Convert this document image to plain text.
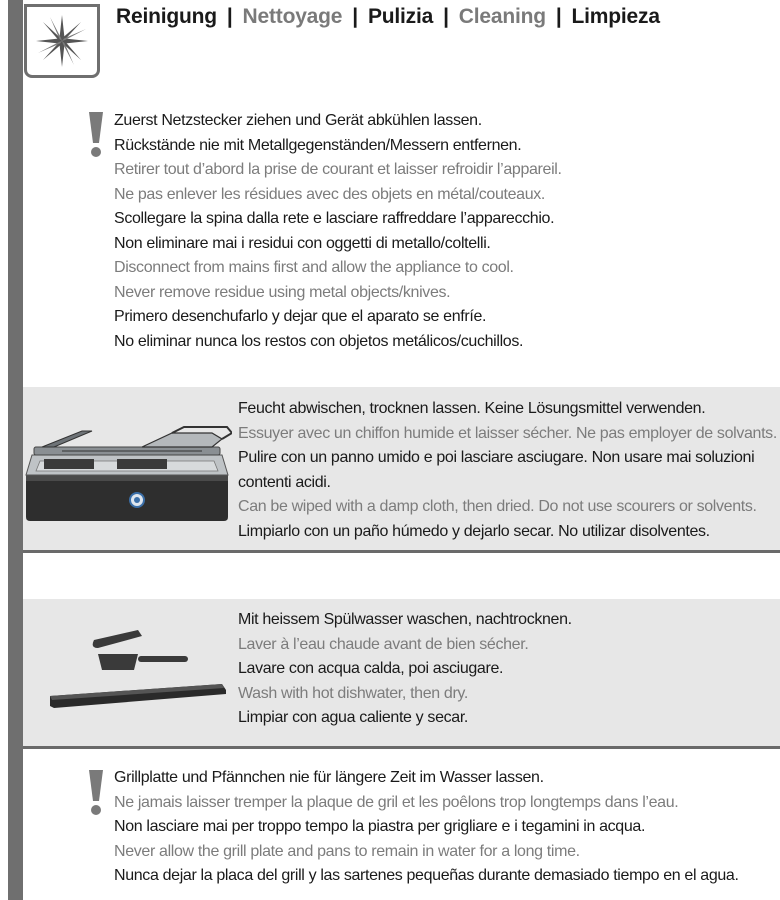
Reinigung | Nettoyage | Pulizia | Cleaning | Limpieza
Zuerst Netzstecker ziehen und Gerät abkühlen lassen.
Rückstände nie mit Metallgegenständen/Messern entfernen.
Retirer tout d’abord la prise de courant et laisser refroidir l’appareil.
Ne pas enlever les résidues avec des objets en métal/couteaux.
Scollegare la spina dalla rete e lasciare raffreddare l’apparecchio.
Non eliminare mai i residui con oggetti di metallo/coltelli.
Disconnect from mains first and allow the appliance to cool.
Never remove residue using metal objects/knives.
Primero desenchufarlo y dejar que el aparato se enfríe.
No eliminar nunca los restos con objetos metálicos/cuchillos.
Feucht abwischen, trocknen lassen. Keine Lösungsmittel verwenden.
Essuyer avec un chiffon humide et laisser sécher. Ne pas employer de solvants.
Pulire con un panno umido e poi lasciare asciugare. Non usare mai soluzioni
contenti acidi.
Can be wiped with a damp cloth, then dried. Do not use scourers or solvents.
Limpiarlo con un paño húmedo y dejarlo secar. No utilizar disolventes.
Mit heissem Spülwasser waschen, nachtrocknen.
Laver à l’eau chaude avant de bien sécher.
Lavare con acqua calda, poi asciugare.
Wash with hot dishwater, then dry.
Limpiar con agua caliente y secar.
Grillplatte und Pfännchen nie für längere Zeit im Wasser lassen.
Ne jamais laisser tremper la plaque de gril et les poêlons trop longtemps dans l’eau.
Non lasciare mai per troppo tempo la piastra per grigliare e i tegamini in acqua.
Never allow the grill plate and pans to remain in water for a long time.
Nunca dejar la placa del grill y las sartenes pequeñas durante demasiado tiempo en el agua.
